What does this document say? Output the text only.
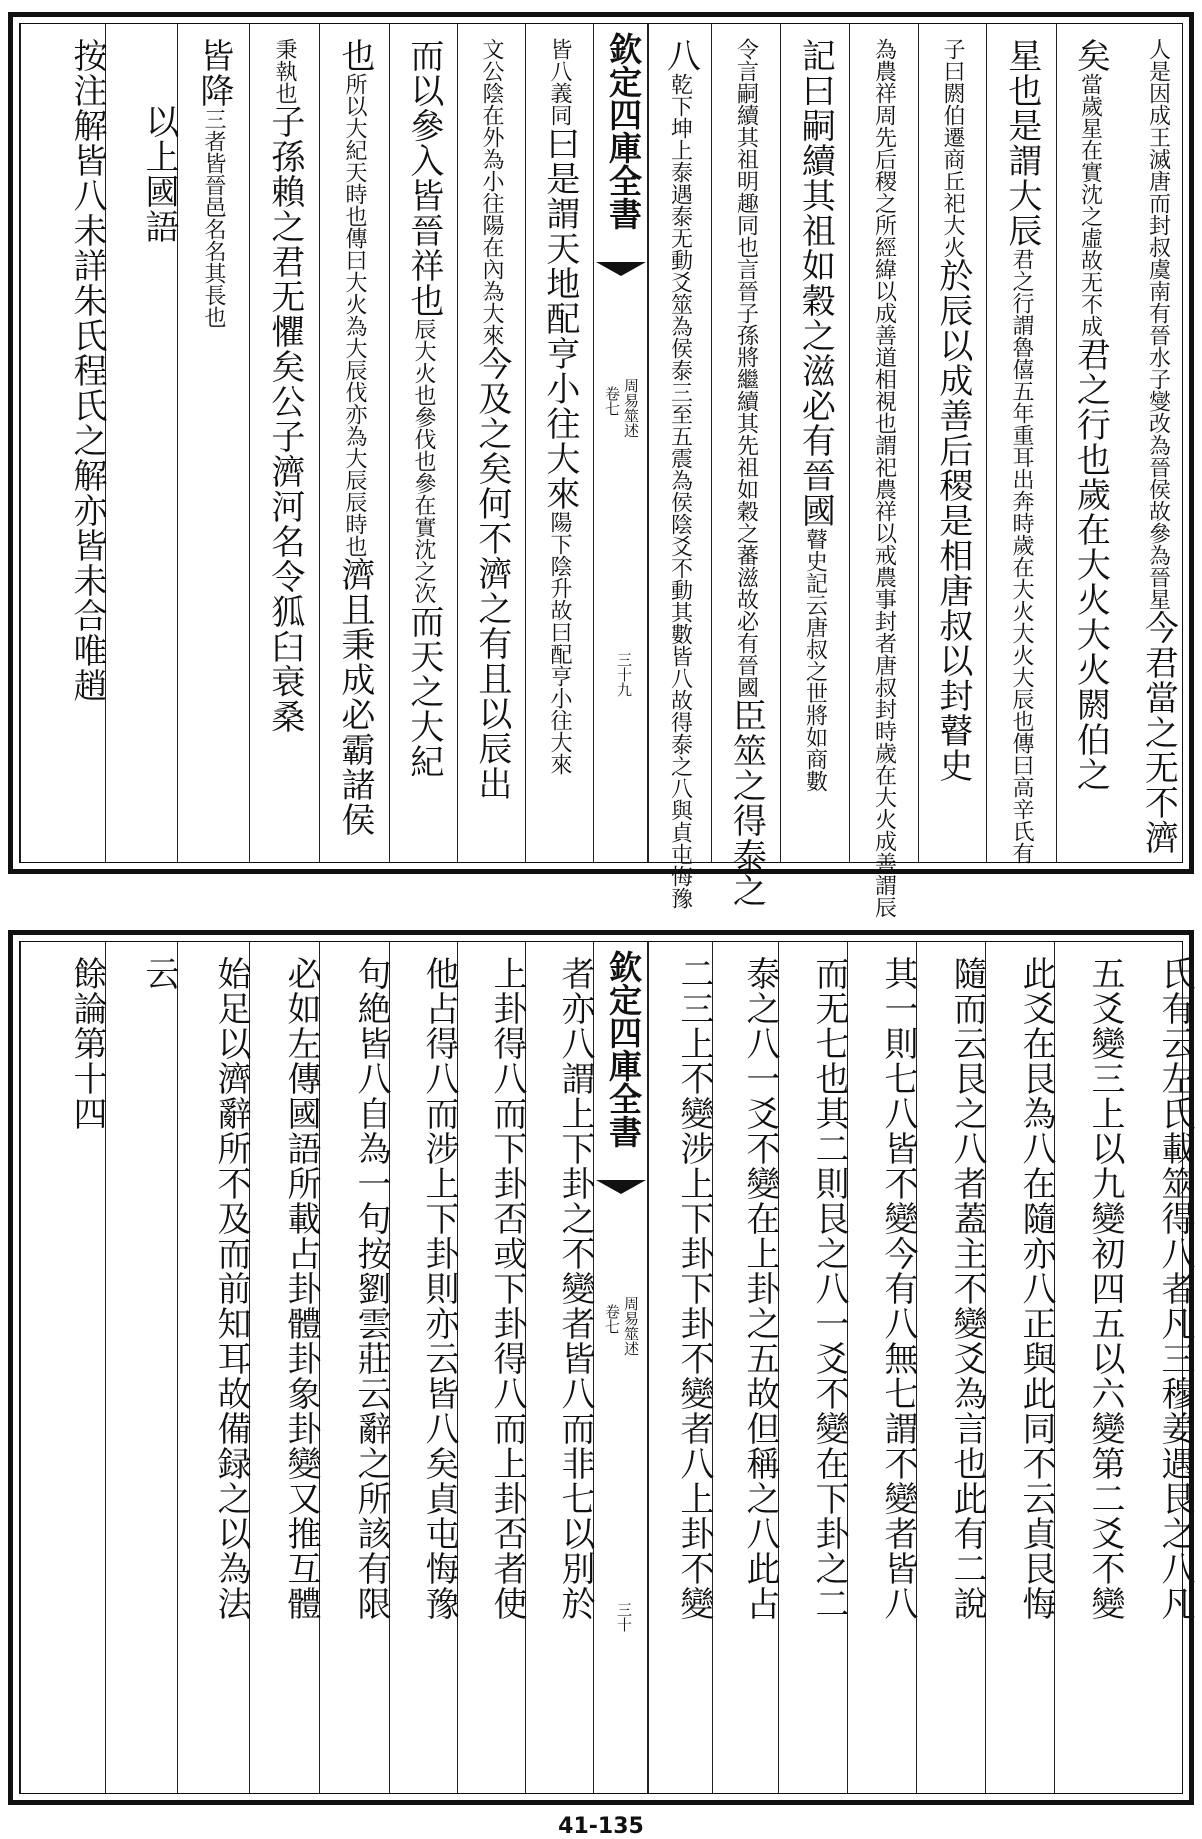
人是因成王滅唐而封叔虞南有晉水子燮改為晉侯故參為晉星
今君當之无不濟
矣
當歲星在實沈之虛故无不成
君之行也歲在大火大火閼伯之
星也是謂大辰
君之行謂魯僖五年重耳出奔時歲在大火大火大辰也傳曰高辛氏有
子曰閼伯遷商丘祀大火
於辰以成善后稷是相唐叔以封瞽史
為農祥周先后稷之所經緯以成善道相視也謂祀農祥以戒農事封者唐叔封時歲在大火
成善謂辰
記曰嗣續其祖如穀之滋必有晉國
瞽史記云唐叔之世將如商數
令言嗣續其祖明趣同也言晉子孫將繼續其先祖如穀之蕃滋故必有晉國
臣筮之得泰之
八
乾下坤上泰遇泰无動爻筮為侯泰三至五震為侯陰爻不動其數皆八故得泰之八與貞屯悔豫
欽定四庫全書
周易筮述
卷七
三十九
皆八義同
曰是謂天地配亨小往大來
陽下陰升故曰配亨小往大來
文公陰在外為小往陽在內為大來
今及之矣何不濟之有且以辰出
而以參入皆晉祥也
辰大火也參伐也參在實沈之次
而天之大紀
也
所以大紀天時也傳曰大火為大辰伐亦為大辰辰時也
濟且秉成必霸諸侯
秉執也
子孫賴之君无懼矣公子濟河名令狐臼衰桑
皆降
三者皆晉邑名名其長也
以上國語
按注解皆八未詳朱氏程氏之解亦皆未合唯趙
氏有云左氏載筮得八者凡三穆姜遇艮之八凡
五爻變三上以九變初四五以六變第二爻不變
此爻在艮為八在隨亦八正與此同不云貞艮悔
隨而云艮之八者蓋主不變爻為言也此有二說
其一則七八皆不變今有八無七謂不變者皆八
而无七也其二則艮之八一爻不變在下卦之二
泰之八一爻不變在上卦之五故但稱之八此占
二三上不變涉上下卦下卦不變者八上卦不變
欽定四庫全書
周易筮述
卷七
三十
者亦八謂上下卦之不變者皆八而非七以別於
上卦得八而下卦否或下卦得八而上卦否者使
他占得八而涉上下卦則亦云皆八矣貞屯悔豫
句絶皆八自為一句按劉雲莊云辭之所該有限
必如左傳國語所載占卦體卦象卦變又推互體
始足以濟辭所不及而前知耳故備録之以為法
云
餘論第十四
41-135
